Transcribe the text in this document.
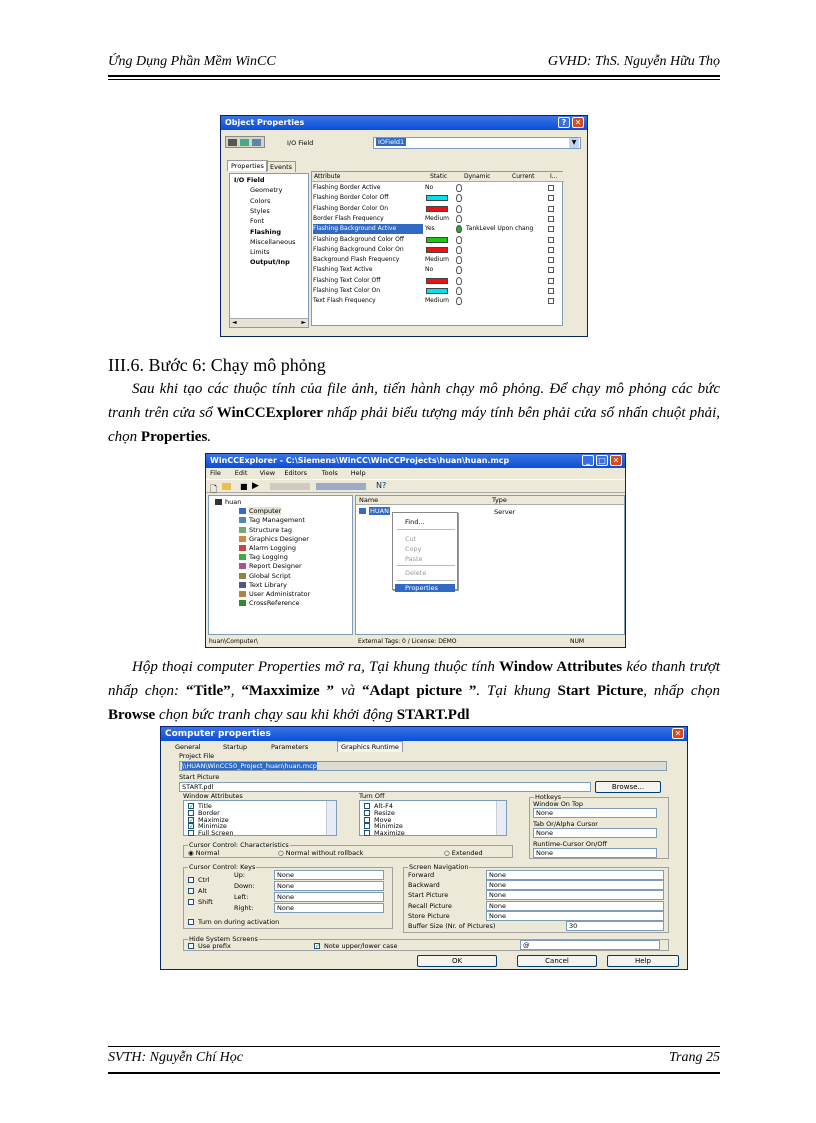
Ứng Dụng Phần Mềm WinCC	GVHD: ThS. Nguyễn Hữu Thọ
Object Properties	?	✕
I/O Field	IOField1	▼
Properties Events
I/O Field
Geometry
Colors
Styles
Font
Flashing
Miscellaneous
Limits
Output/Inp
◄	►
Attribute	Static	Dynamic	Current	I...
Flashing Border Active	No
Flashing Border Color Off
Flashing Border Color On
Border Flash Frequency	Medium
Flashing Background Active	Yes	TankLevel Upon chang
Flashing Background Color Off
Flashing Background Color On
Background Flash Frequency	Medium
Flashing Text Active	No
Flashing Text Color Off
Flashing Text Color On
Text Flash Frequency	Medium
III.6. Bước 6: Chạy mô phỏng
Sau khi tạo các thuộc tính của file ảnh, tiến hành chạy mô phỏng. Để chạy mô phỏng các bức tranh trên cửa sổ WinCCExplorer nhấp phải biểu tượng máy tính bên phải cửa sổ nhấn chuột phải, chọn Properties.
WinCCExplorer - C:\Siemens\WinCC\WinCCProjects\huan\huan.mcp	_	□ ✕
File Edit View Editors Tools Help
🗋	■ ▶	N?
huan
Computer
Tag Management
Structure tag
Graphics Designer
Alarm Logging
Tag Logging
Report Designer
Global Script
Text Library
User Administrator
CrossReference
Name	Type
HUAN	Server
Find...
Cut
Copy
Paste
Delete
Properties
huan\Computer\	External Tags: 0 / License: DEMO	NUM
Hộp thoại computer Properties mở ra, Tại khung thuộc tính Window Attributes kéo thanh trượt nhấp chọn: “Title”, “Maxximize ” và “Adapt picture ”. Tại khung Start Picture, nhấp chọn Browse chọn bức tranh chạy sau khi khởi động START.Pdl
Computer properties	✕
General	Startup	Parameters	Graphics Runtime
Project File
\\HUAN\WinCC50_Project_huan\huan.mcp
Start Picture
START.pdl	Browse...
Window Attributes
✓ Title
Border
✓ Maximize
✓ Minimize
Full Screen
Turn Off
Alt-F4
Resize
Move
Minimize
Maximize
Hotkeys
Window On Top
None
Tab Or/Alpha Cursor
None
Runtime-Cursor On/Off
None
Cursor Control: Characteristics
◉ Normal	○ Normal without rollback	○ Extended
Cursor Control: Keys
Ctrl
Alt
Shift
Up:	None
Down:	None
Left:	None
Right:	None
Turn on during activation
Screen Navigation
Forward	None
Backward	None
Start Picture	None
Recall Picture	None
Store Picture	None
Buffer Size (Nr. of Pictures)	30
Hide System Screens
Use prefix	✓ Note upper/lower case	@
OK	Cancel	Help
SVTH: Nguyễn Chí Học	Trang 25
